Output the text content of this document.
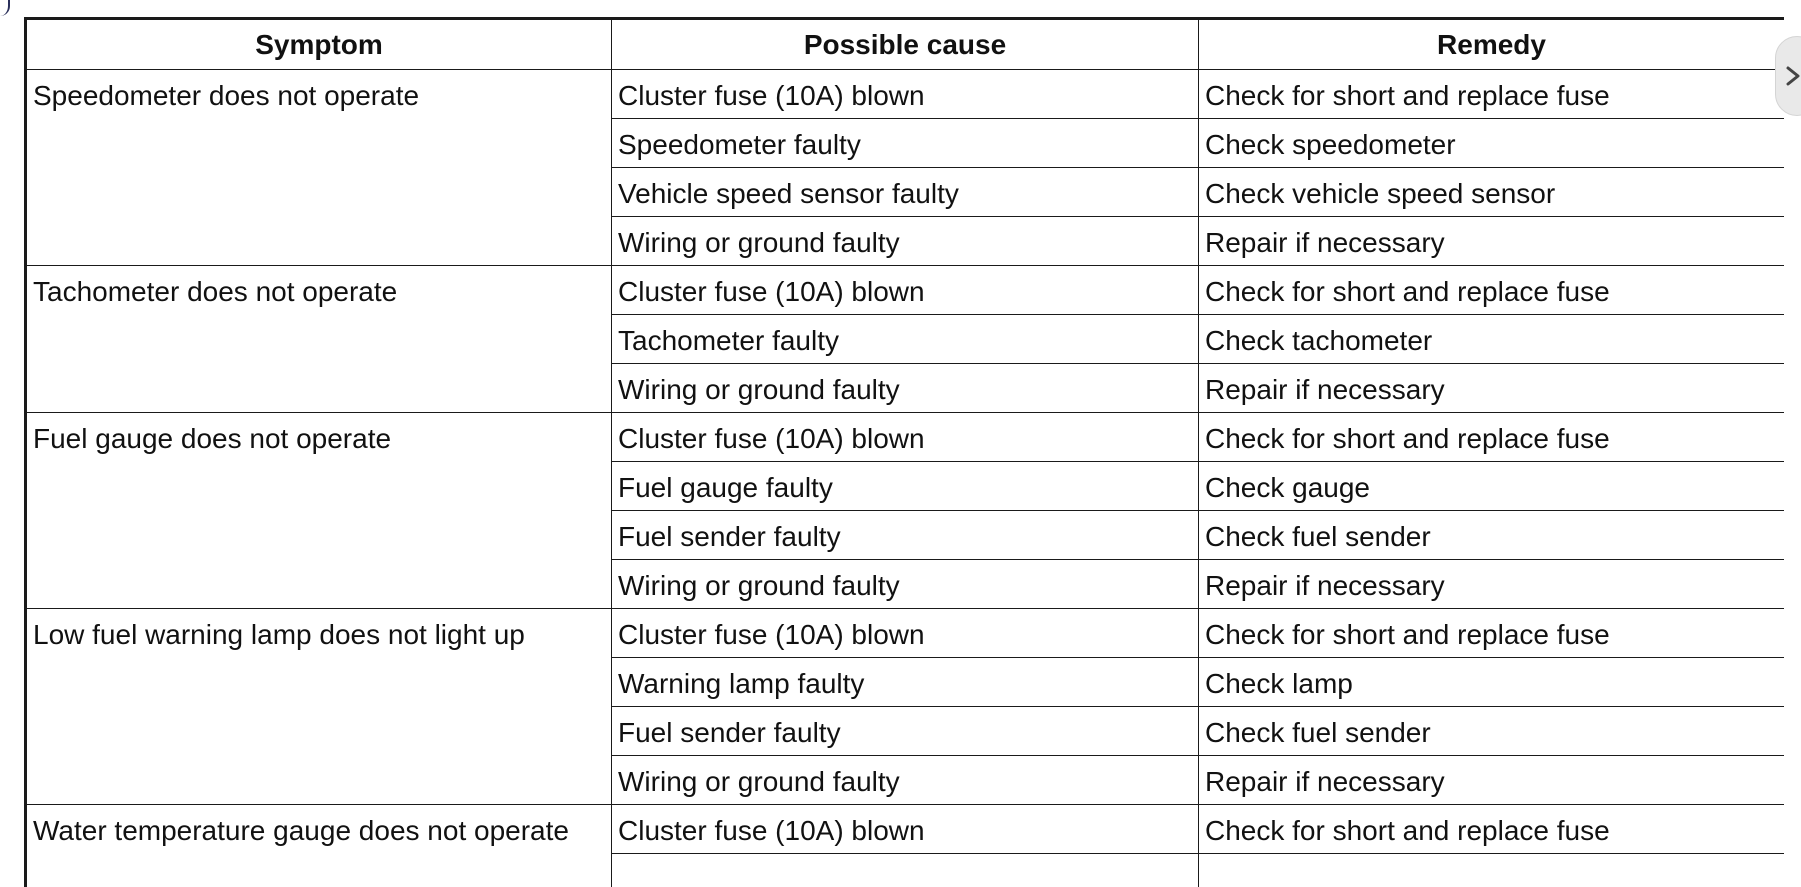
Symptom	Possible cause	Remedy
Speedometer does not operate	Cluster fuse (10A) blown	Check for short and replace fuse
	Speedometer faulty	Check speedometer
	Vehicle speed sensor faulty	Check vehicle speed sensor
	Wiring or ground faulty	Repair if necessary
Tachometer does not operate	Cluster fuse (10A) blown	Check for short and replace fuse
	Tachometer faulty	Check tachometer
	Wiring or ground faulty	Repair if necessary
Fuel gauge does not operate	Cluster fuse (10A) blown	Check for short and replace fuse
	Fuel gauge faulty	Check gauge
	Fuel sender faulty	Check fuel sender
	Wiring or ground faulty	Repair if necessary
Low fuel warning lamp does not light up	Cluster fuse (10A) blown	Check for short and replace fuse
	Warning lamp faulty	Check lamp
	Fuel sender faulty	Check fuel sender
	Wiring or ground faulty	Repair if necessary
Water temperature gauge does not operate	Cluster fuse (10A) blown	Check for short and replace fuse
